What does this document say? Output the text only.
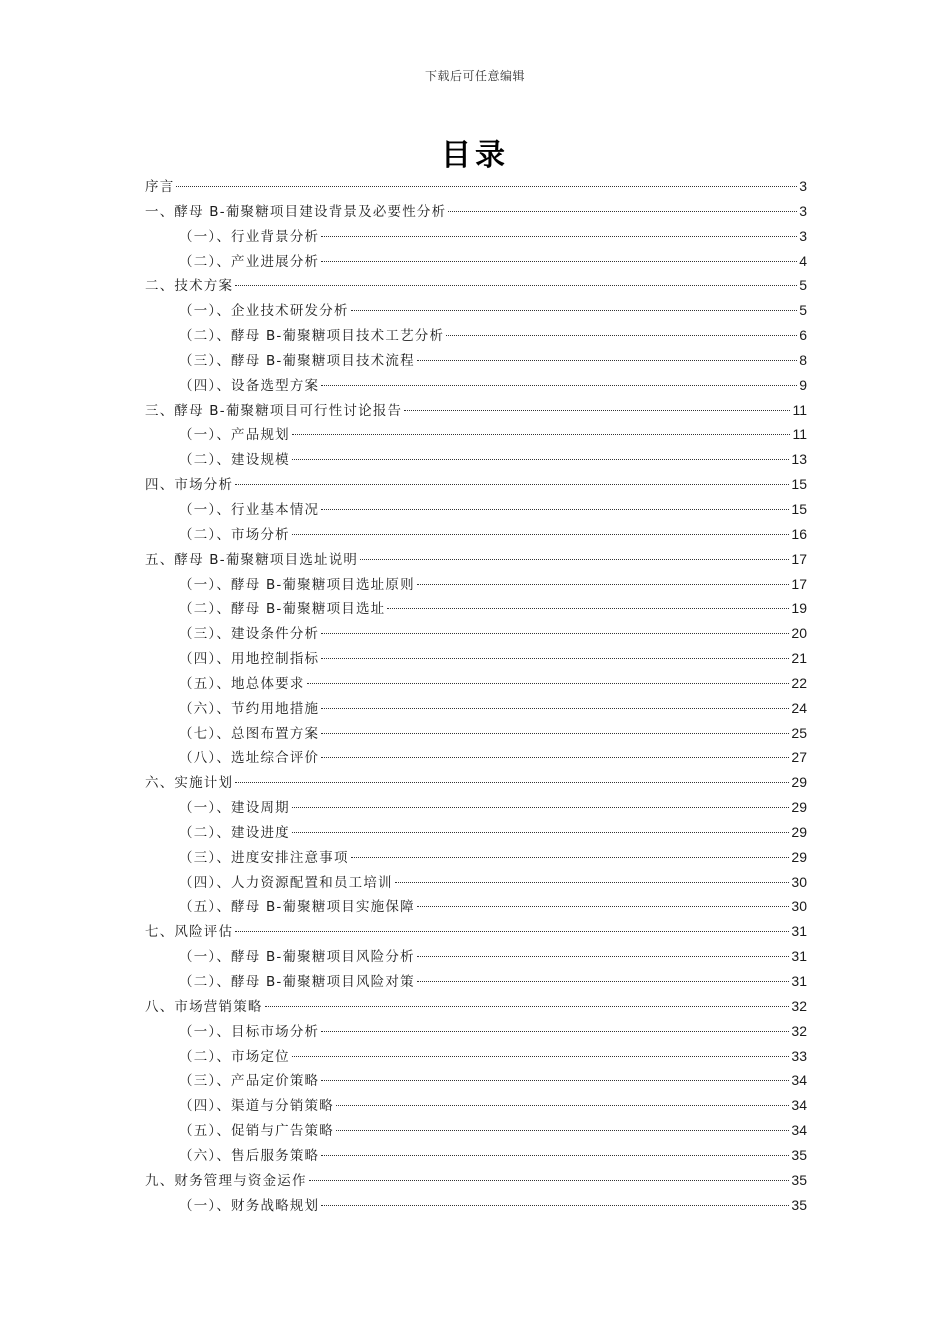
下载后可任意编辑
目录
序言	3
一、酵母 B-葡聚糖项目建设背景及必要性分析	3
（一）、行业背景分析	3
（二）、产业进展分析	4
二、技术方案	5
（一）、企业技术研发分析	5
（二）、酵母 B-葡聚糖项目技术工艺分析	6
（三）、酵母 B-葡聚糖项目技术流程	8
（四）、设备选型方案	9
三、酵母 B-葡聚糖项目可行性讨论报告	11
（一）、产品规划	11
（二）、建设规模	13
四、市场分析	15
（一）、行业基本情况	15
（二）、市场分析	16
五、酵母 B-葡聚糖项目选址说明	17
（一）、酵母 B-葡聚糖项目选址原则	17
（二）、酵母 B-葡聚糖项目选址	19
（三）、建设条件分析	20
（四）、用地控制指标	21
（五）、地总体要求	22
（六）、节约用地措施	24
（七）、总图布置方案	25
（八）、选址综合评价	27
六、实施计划	29
（一）、建设周期	29
（二）、建设进度	29
（三）、进度安排注意事项	29
（四）、人力资源配置和员工培训	30
（五）、酵母 B-葡聚糖项目实施保障	30
七、风险评估	31
（一）、酵母 B-葡聚糖项目风险分析	31
（二）、酵母 B-葡聚糖项目风险对策	31
八、市场营销策略	32
（一）、目标市场分析	32
（二）、市场定位	33
（三）、产品定价策略	34
（四）、渠道与分销策略	34
（五）、促销与广告策略	34
（六）、售后服务策略	35
九、财务管理与资金运作	35
（一）、财务战略规划	35
